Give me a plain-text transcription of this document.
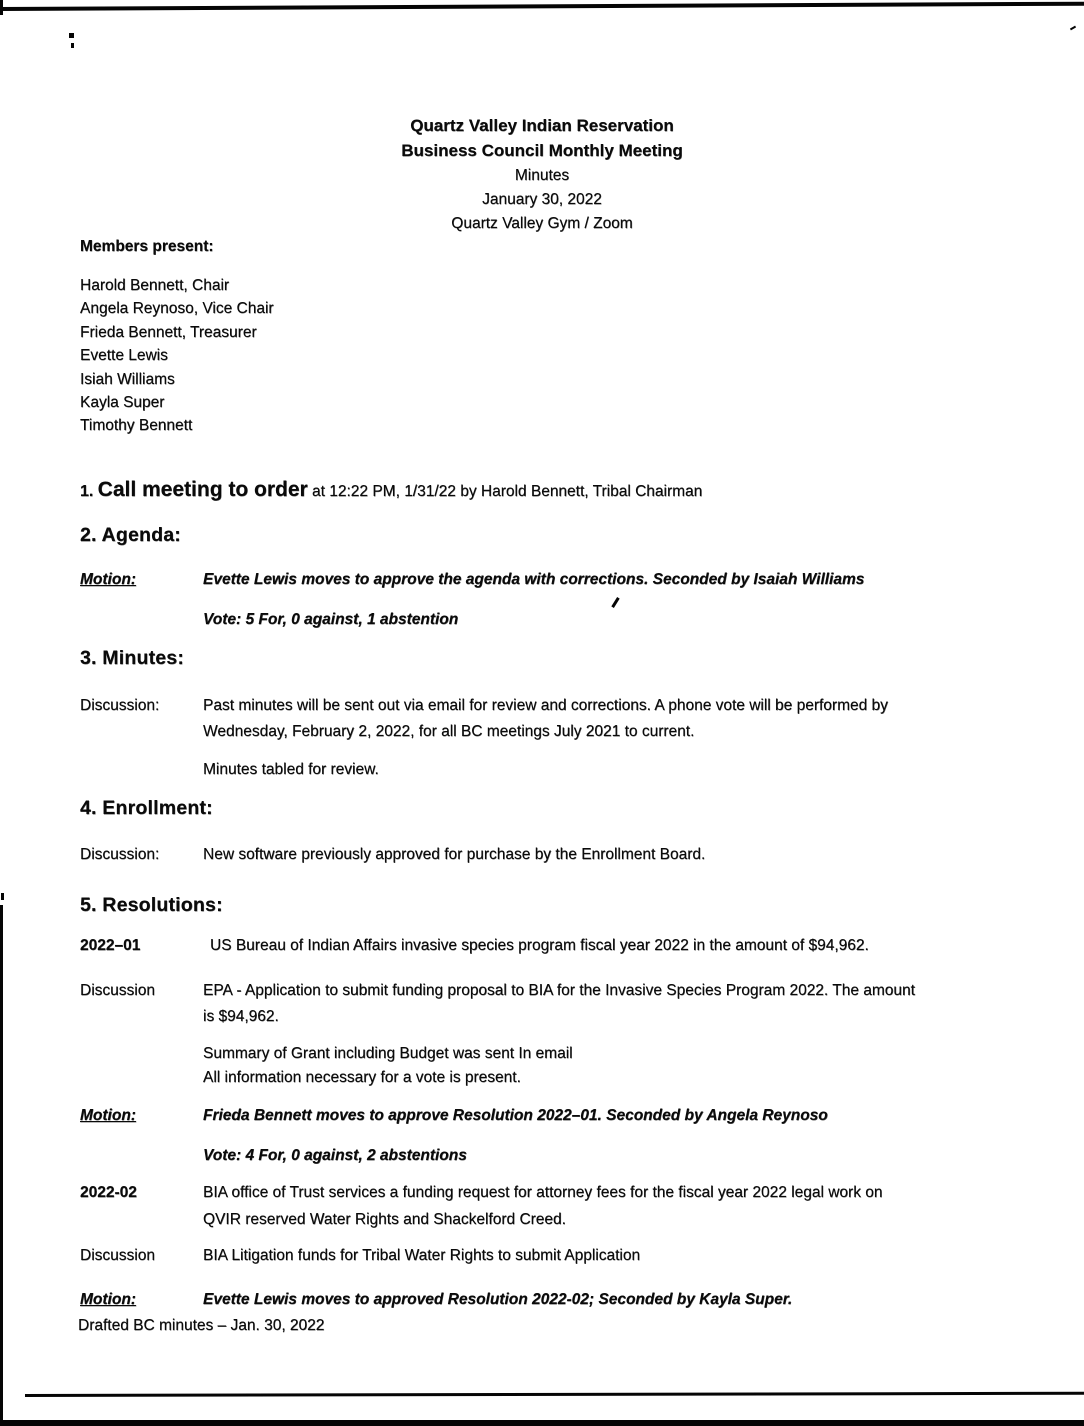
Quartz Valley Indian Reservation
Business Council Monthly Meeting
Minutes
January 30, 2022
Quartz Valley Gym / Zoom
Members present:
Harold Bennett, Chair
Angela Reynoso, Vice Chair
Frieda Bennett, Treasurer
Evette Lewis
Isiah Williams
Kayla Super
Timothy Bennett
1. Call meeting to order at 12:22 PM, 1/31/22 by Harold Bennett, Tribal Chairman
2. Agenda:
Motion:	Evette Lewis moves to approve the agenda with corrections. Seconded by Isaiah Williams
Vote: 5 For, 0 against, 1 abstention
3. Minutes:
Discussion:	Past minutes will be sent out via email for review and corrections. A phone vote will be performed by
Wednesday, February 2, 2022, for all BC meetings July 2021 to current.
Minutes tabled for review.
4. Enrollment:
Discussion:	New software previously approved for purchase by the Enrollment Board.
5. Resolutions:
2022–01	US Bureau of Indian Affairs invasive species program fiscal year 2022 in the amount of $94,962.
Discussion	EPA - Application to submit funding proposal to BIA for the Invasive Species Program 2022. The amount
is $94,962.
Summary of Grant including Budget was sent In email
All information necessary for a vote is present.
Motion:	Frieda Bennett moves to approve Resolution 2022–01. Seconded by Angela Reynoso
Vote: 4 For, 0 against, 2 abstentions
2022-02	BIA office of Trust services a funding request for attorney fees for the fiscal year 2022 legal work on
QVIR reserved Water Rights and Shackelford Creed.
Discussion	BIA Litigation funds for Tribal Water Rights to submit Application
Motion:	Evette Lewis moves to approved Resolution 2022-02; Seconded by Kayla Super.
Drafted BC minutes – Jan. 30, 2022
